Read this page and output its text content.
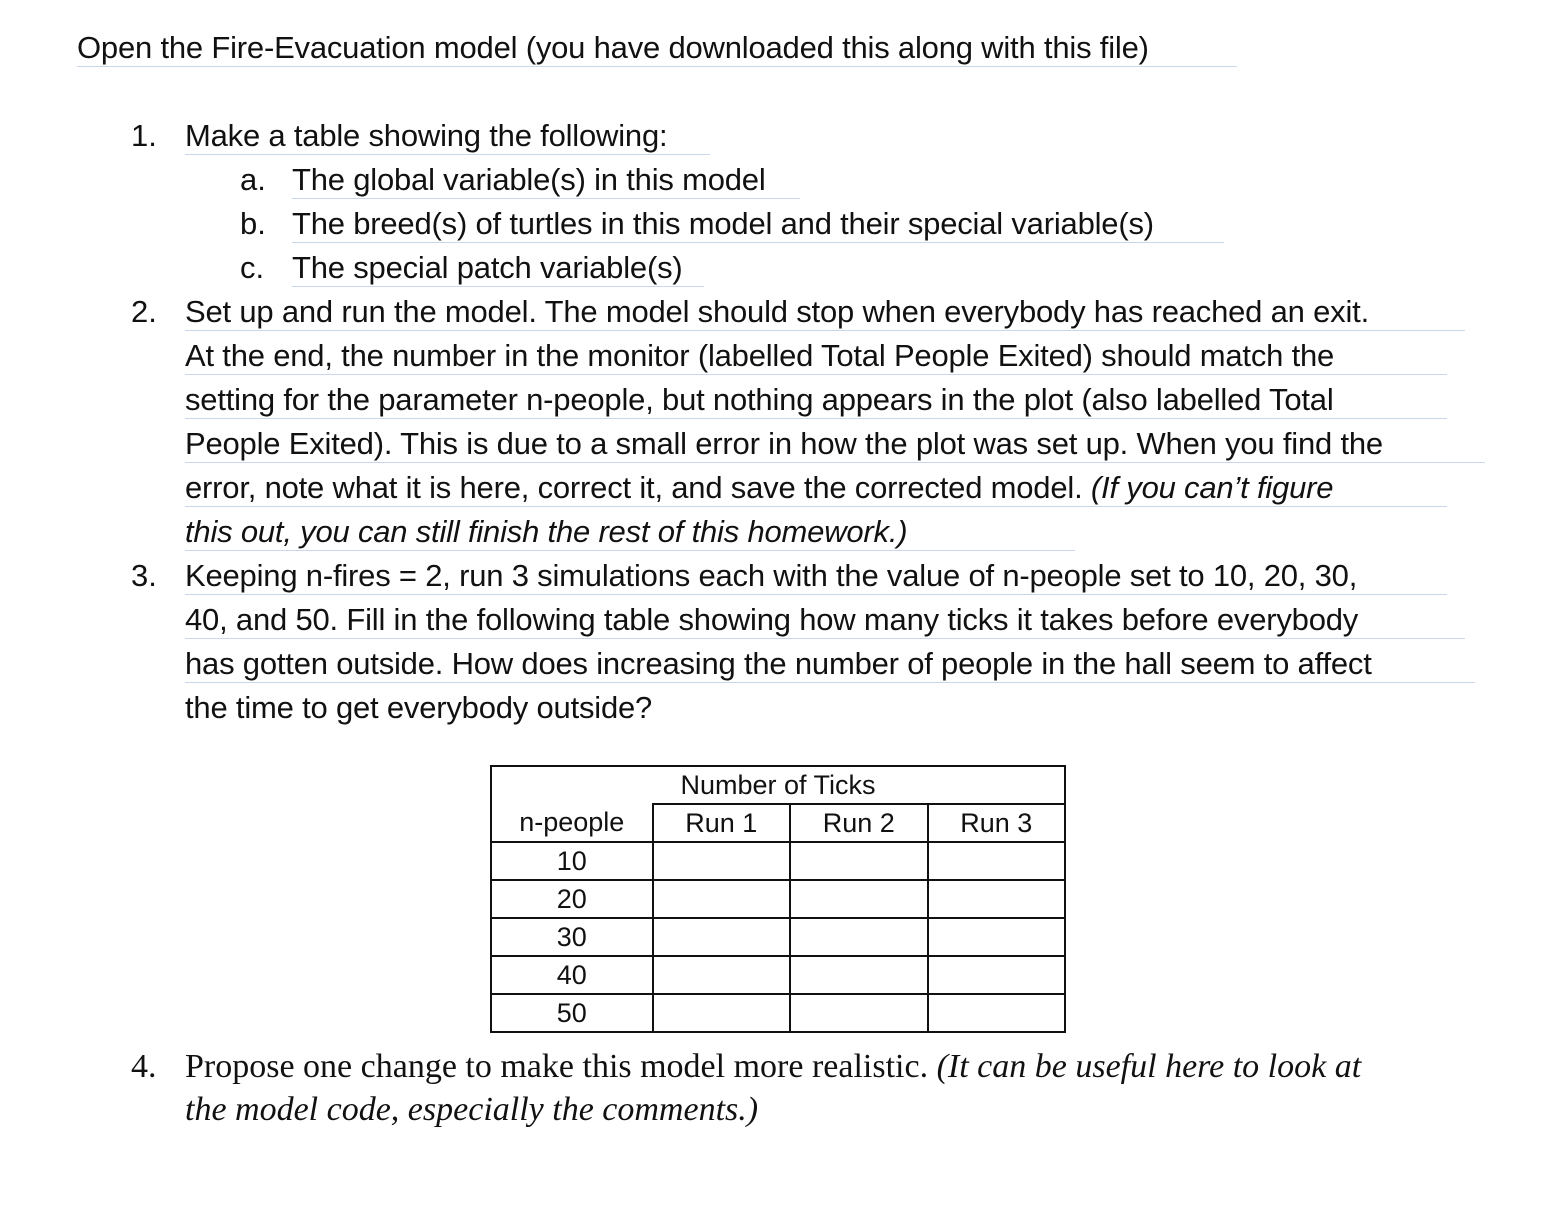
Open the Fire-Evacuation model (you have downloaded this along with this file)
1. Make a table showing the following:
a. The global variable(s) in this model
b. The breed(s) of turtles in this model and their special variable(s)
c. The special patch variable(s)
2. Set up and run the model. The model should stop when everybody has reached an exit.
At the end, the number in the monitor (labelled Total People Exited) should match the
setting for the parameter n-people, but nothing appears in the plot (also labelled Total
People Exited). This is due to a small error in how the plot was set up. When you find the
error, note what it is here, correct it, and save the corrected model. (If you can’t figure
this out, you can still finish the rest of this homework.)
3. Keeping n-fires = 2, run 3 simulations each with the value of n-people set to 10, 20, 30,
40, and 50. Fill in the following table showing how many ticks it takes before everybody
has gotten outside. How does increasing the number of people in the hall seem to affect
the time to get everybody outside?
Number of Ticks			
n-people	Run 1	Run 2	Run 3
10			
20			
30			
40			
50			
4. Propose one change to make this model more realistic. (It can be useful here to look at
the model code, especially the comments.)
